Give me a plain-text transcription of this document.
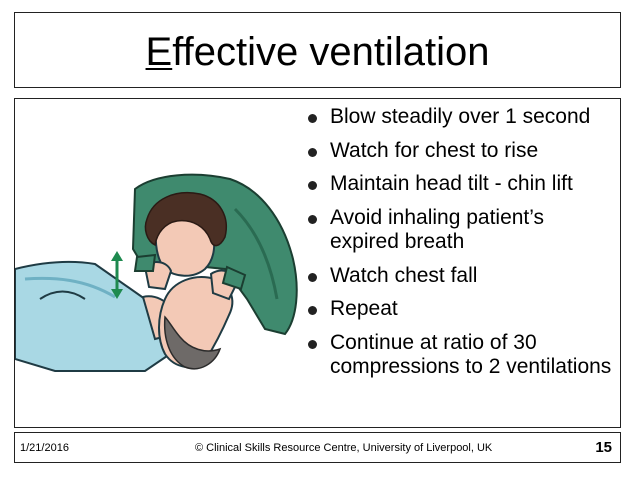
Effective ventilation
Blow steadily over 1 second
Watch for chest to rise
Maintain head tilt - chin lift
Avoid inhaling patient’s expired breath
Watch chest fall
Repeat
Continue at ratio of 30 compressions to 2 ventilations
1/21/2016	© Clinical Skills Resource Centre, University of Liverpool, UK	15
